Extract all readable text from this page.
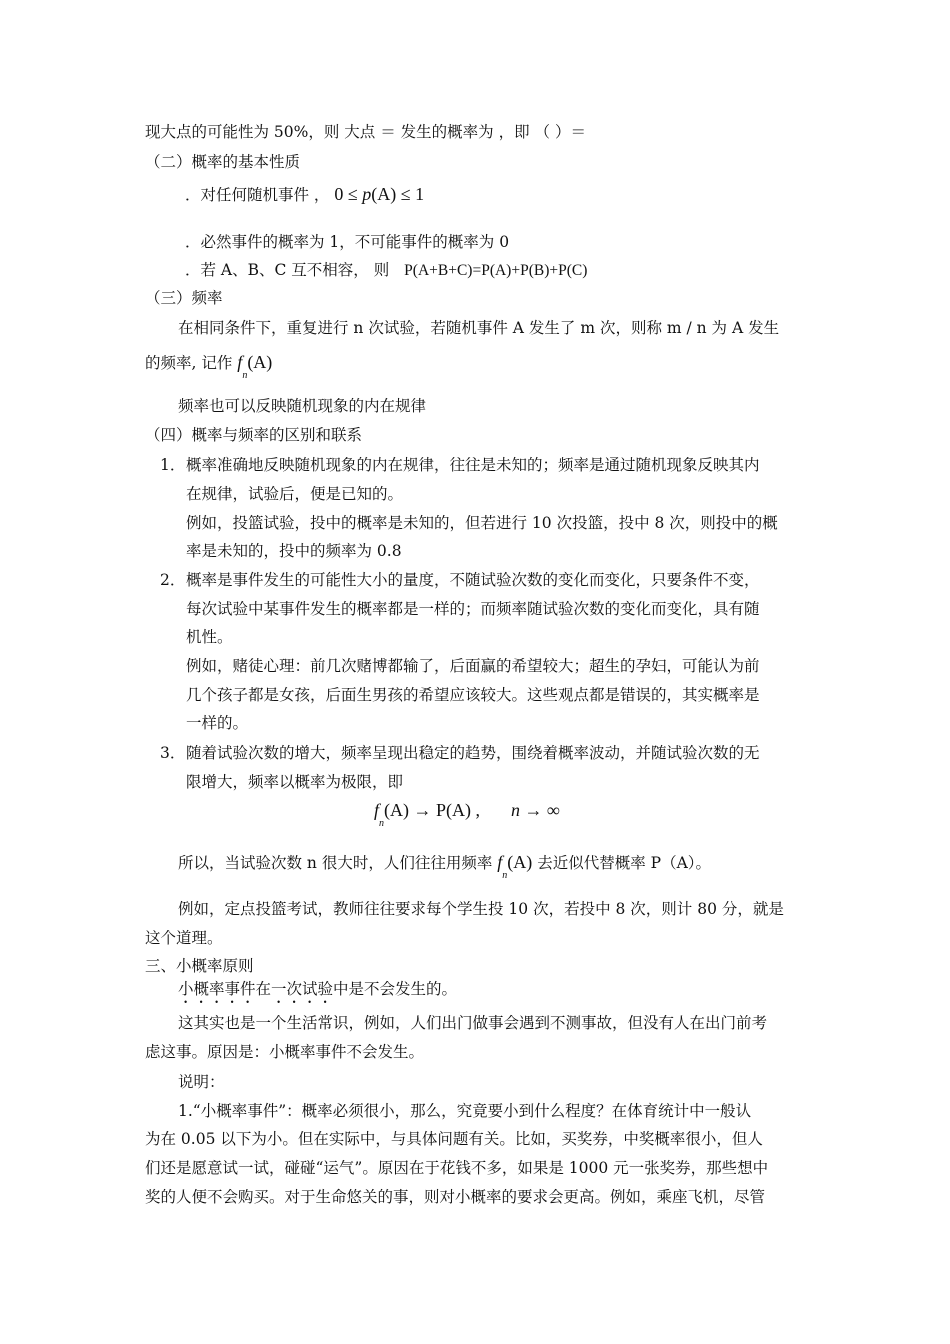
现大点的可能性为 50%，则 大点 ＝ 发生的概率为 ，即 （ ）＝
（二）概率的基本性质
．对任何随机事件 ， 0 ≤ p(A) ≤ 1
．必然事件的概率为 1，不可能事件的概率为 0
．若 A、B、C 互不相容， 则 P(A+B+C)=P(A)+P(B)+P(C)
（三）频率
在相同条件下，重复进行 n 次试验，若随机事件 A 发生了 m 次，则称 m / n 为 A 发生
的频率, 记作 $f_n(A)$
频率也可以反映随机现象的内在规律
（四）概率与频率的区别和联系
1． 概率准确地反映随机现象的内在规律，往往是未知的；频率是通过随机现象反映其内
在规律，试验后，便是已知的。
例如，投篮试验，投中的概率是未知的，但若进行 10 次投篮，投中 8 次，则投中的概
率是未知的，投中的频率为 0.8
2． 概率是事件发生的可能性大小的量度，不随试验次数的变化而变化，只要条件不变，
每次试验中某事件发生的概率都是一样的；而频率随试验次数的变化而变化，具有随
机性。
例如，赌徒心理：前几次赌博都输了，后面赢的希望较大；超生的孕妇，可能认为前
几个孩子都是女孩，后面生男孩的希望应该较大。这些观点都是错误的，其实概率是
一样的。
3． 随着试验次数的增大，频率呈现出稳定的趋势，围绕着概率波动，并随试验次数的无
限增大，频率以概率为极限，即
$f_n(A) \to P(A)$ , n → ∞
所以，当试验次数 n 很大时，人们往往用频率 $f_n(A)$ 去近似代替概率 P（A）。
例如，定点投篮考试，教师往往要求每个学生投 10 次，若投中 8 次，则计 80 分，就是
这个道理。
三、小概率原则
小概率事件在一次试验中是不会发生的。
这其实也是一个生活常识，例如，人们出门做事会遇到不测事故，但没有人在出门前考
虑这事。原因是：小概率事件不会发生。
说明：
1.“小概率事件”：概率必须很小，那么，究竟要小到什么程度？在体育统计中一般认
为在 0.05 以下为小。但在实际中，与具体问题有关。比如，买奖券，中奖概率很小，但人
们还是愿意试一试，碰碰“运气”。原因在于花钱不多，如果是 1000 元一张奖券，那些想中
奖的人便不会购买。对于生命悠关的事，则对小概率的要求会更高。例如，乘座飞机，尽管
